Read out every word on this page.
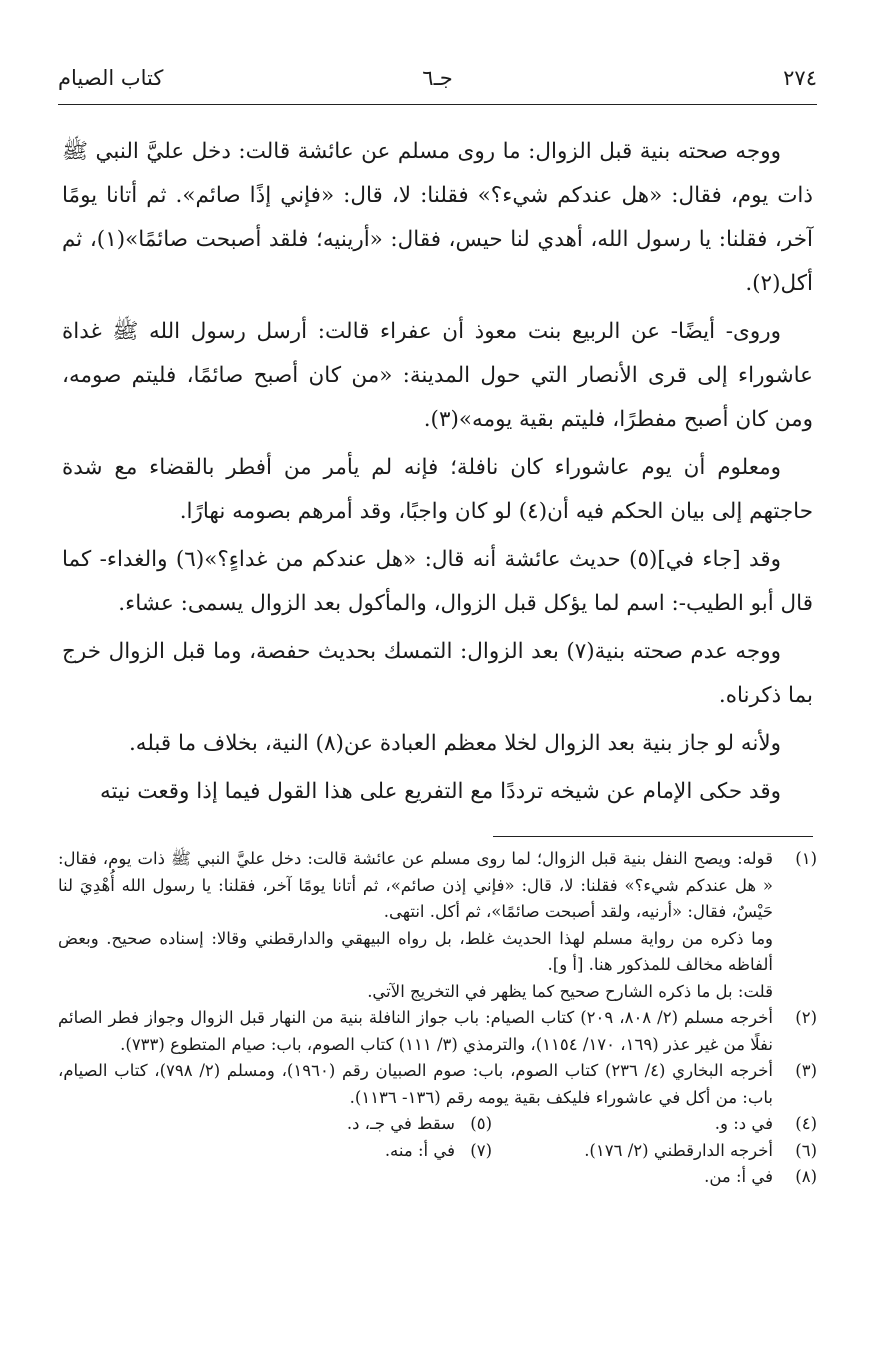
٢٧٤
جـ٦
كتاب الصيام

ووجه صحته بنية قبل الزوال: ما روى مسلم عن عائشة قالت: دخل عليَّ النبي ﷺ ذات يوم، فقال: «هل عندكم شيء؟» فقلنا: لا، قال: «فإني إذًا صائم». ثم أتانا يومًا آخر، فقلنا: يا رسول الله، أهدي لنا حيس، فقال: «أرينيه؛ فلقد أصبحت صائمًا»(١)، ثم أكل(٢).

وروى- أيضًا- عن الربيع بنت معوذ أن عفراء قالت: أرسل رسول الله ﷺ غداة عاشوراء إلى قرى الأنصار التي حول المدينة: «من كان أصبح صائمًا، فليتم صومه، ومن كان أصبح مفطرًا، فليتم بقية يومه»(٣).

ومعلوم أن يوم عاشوراء كان نافلة؛ فإنه لم يأمر من أفطر بالقضاء مع شدة حاجتهم إلى بيان الحكم فيه أن(٤) لو كان واجبًا، وقد أمرهم بصومه نهارًا.

وقد [جاء في](٥) حديث عائشة أنه قال: «هل عندكم من غداءٍ؟»(٦) والغداء- كما قال أبو الطيب-: اسم لما يؤكل قبل الزوال، والمأكول بعد الزوال يسمى: عشاء.

ووجه عدم صحته بنية(٧) بعد الزوال: التمسك بحديث حفصة، وما قبل الزوال خرج بما ذكرناه.

ولأنه لو جاز بنية بعد الزوال لخلا معظم العبادة عن(٨) النية، بخلاف ما قبله.

وقد حكى الإمام عن شيخه ترددًا مع التفريع على هذا القول فيما إذا وقعت نيته

(١)
قوله: ويصح النفل بنية قبل الزوال؛ لما روى مسلم عن عائشة قالت: دخل عليَّ النبي ﷺ ذات يوم، فقال: « هل عندكم شيء؟» فقلنا: لا، قال: «فإني إذن صائم»، ثم أتانا يومًا آخر، فقلنا: يا رسول الله أُهْدِيَ لنا حَيْسٌ، فقال: «أرنيه، ولقد أصبحت صائمًا»، ثم أكل. انتهى.
وما ذكره من رواية مسلم لهذا الحديث غلط، بل رواه البيهقي والدارقطني وقالا: إسناده صحيح. وبعض ألفاظه مخالف للمذكور هنا. [أ و].
قلت: بل ما ذكره الشارح صحيح كما يظهر في التخريج الآتي.
(٢)
أخرجه مسلم (٢/ ٨٠٨، ٢٠٩) كتاب الصيام: باب جواز النافلة بنية من النهار قبل الزوال وجواز فطر الصائم نفلًا من غير عذر (١٦٩، ١٧٠/ ١١٥٤)، والترمذي (٣/ ١١١) كتاب الصوم، باب: صيام المتطوع (٧٣٣).
(٣)
أخرجه البخاري (٤/ ٢٣٦) كتاب الصوم، باب: صوم الصبيان رقم (١٩٦٠)، ومسلم (٢/ ٧٩٨)، كتاب الصيام، باب: من أكل في عاشوراء فليكف بقية يومه رقم (١٣٦- ١١٣٦).
(٤)
في د: و.
(٥)
سقط في جـ، د.
(٦)
أخرجه الدارقطني (٢/ ١٧٦).
(٧)
في أ: منه.
(٨)
في أ: من.
